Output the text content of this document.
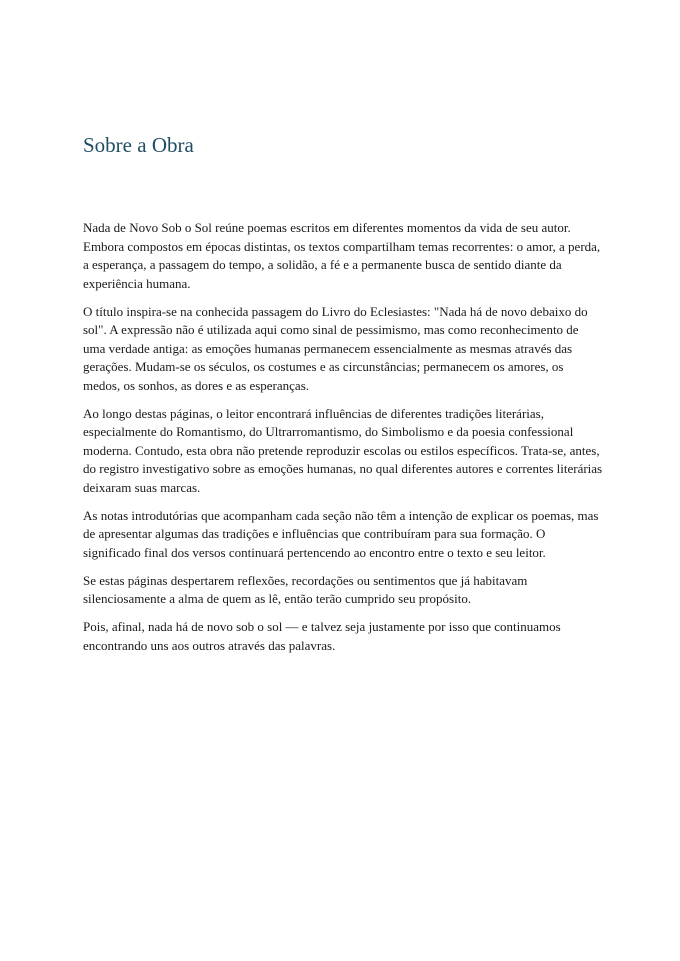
Sobre a Obra

Nada de Novo Sob o Sol reúne poemas escritos em diferentes momentos da vida de seu autor. Embora compostos em épocas distintas, os textos compartilham temas recorrentes: o amor, a perda, a esperança, a passagem do tempo, a solidão, a fé e a permanente busca de sentido diante da experiência humana.

O título inspira-se na conhecida passagem do Livro do Eclesiastes: "Nada há de novo debaixo do sol". A expressão não é utilizada aqui como sinal de pessimismo, mas como reconhecimento de uma verdade antiga: as emoções humanas permanecem essencialmente as mesmas através das gerações. Mudam-se os séculos, os costumes e as circunstâncias; permanecem os amores, os medos, os sonhos, as dores e as esperanças.

Ao longo destas páginas, o leitor encontrará influências de diferentes tradições literárias, especialmente do Romantismo, do Ultrarromantismo, do Simbolismo e da poesia confessional moderna. Contudo, esta obra não pretende reproduzir escolas ou estilos específicos. Trata-se, antes, do registro investigativo sobre as emoções humanas, no qual diferentes autores e correntes literárias deixaram suas marcas.

As notas introdutórias que acompanham cada seção não têm a intenção de explicar os poemas, mas de apresentar algumas das tradições e influências que contribuíram para sua formação. O significado final dos versos continuará pertencendo ao encontro entre o texto e seu leitor.

Se estas páginas despertarem reflexões, recordações ou sentimentos que já habitavam silenciosamente a alma de quem as lê, então terão cumprido seu propósito.

Pois, afinal, nada há de novo sob o sol — e talvez seja justamente por isso que continuamos encontrando uns aos outros através das palavras.
